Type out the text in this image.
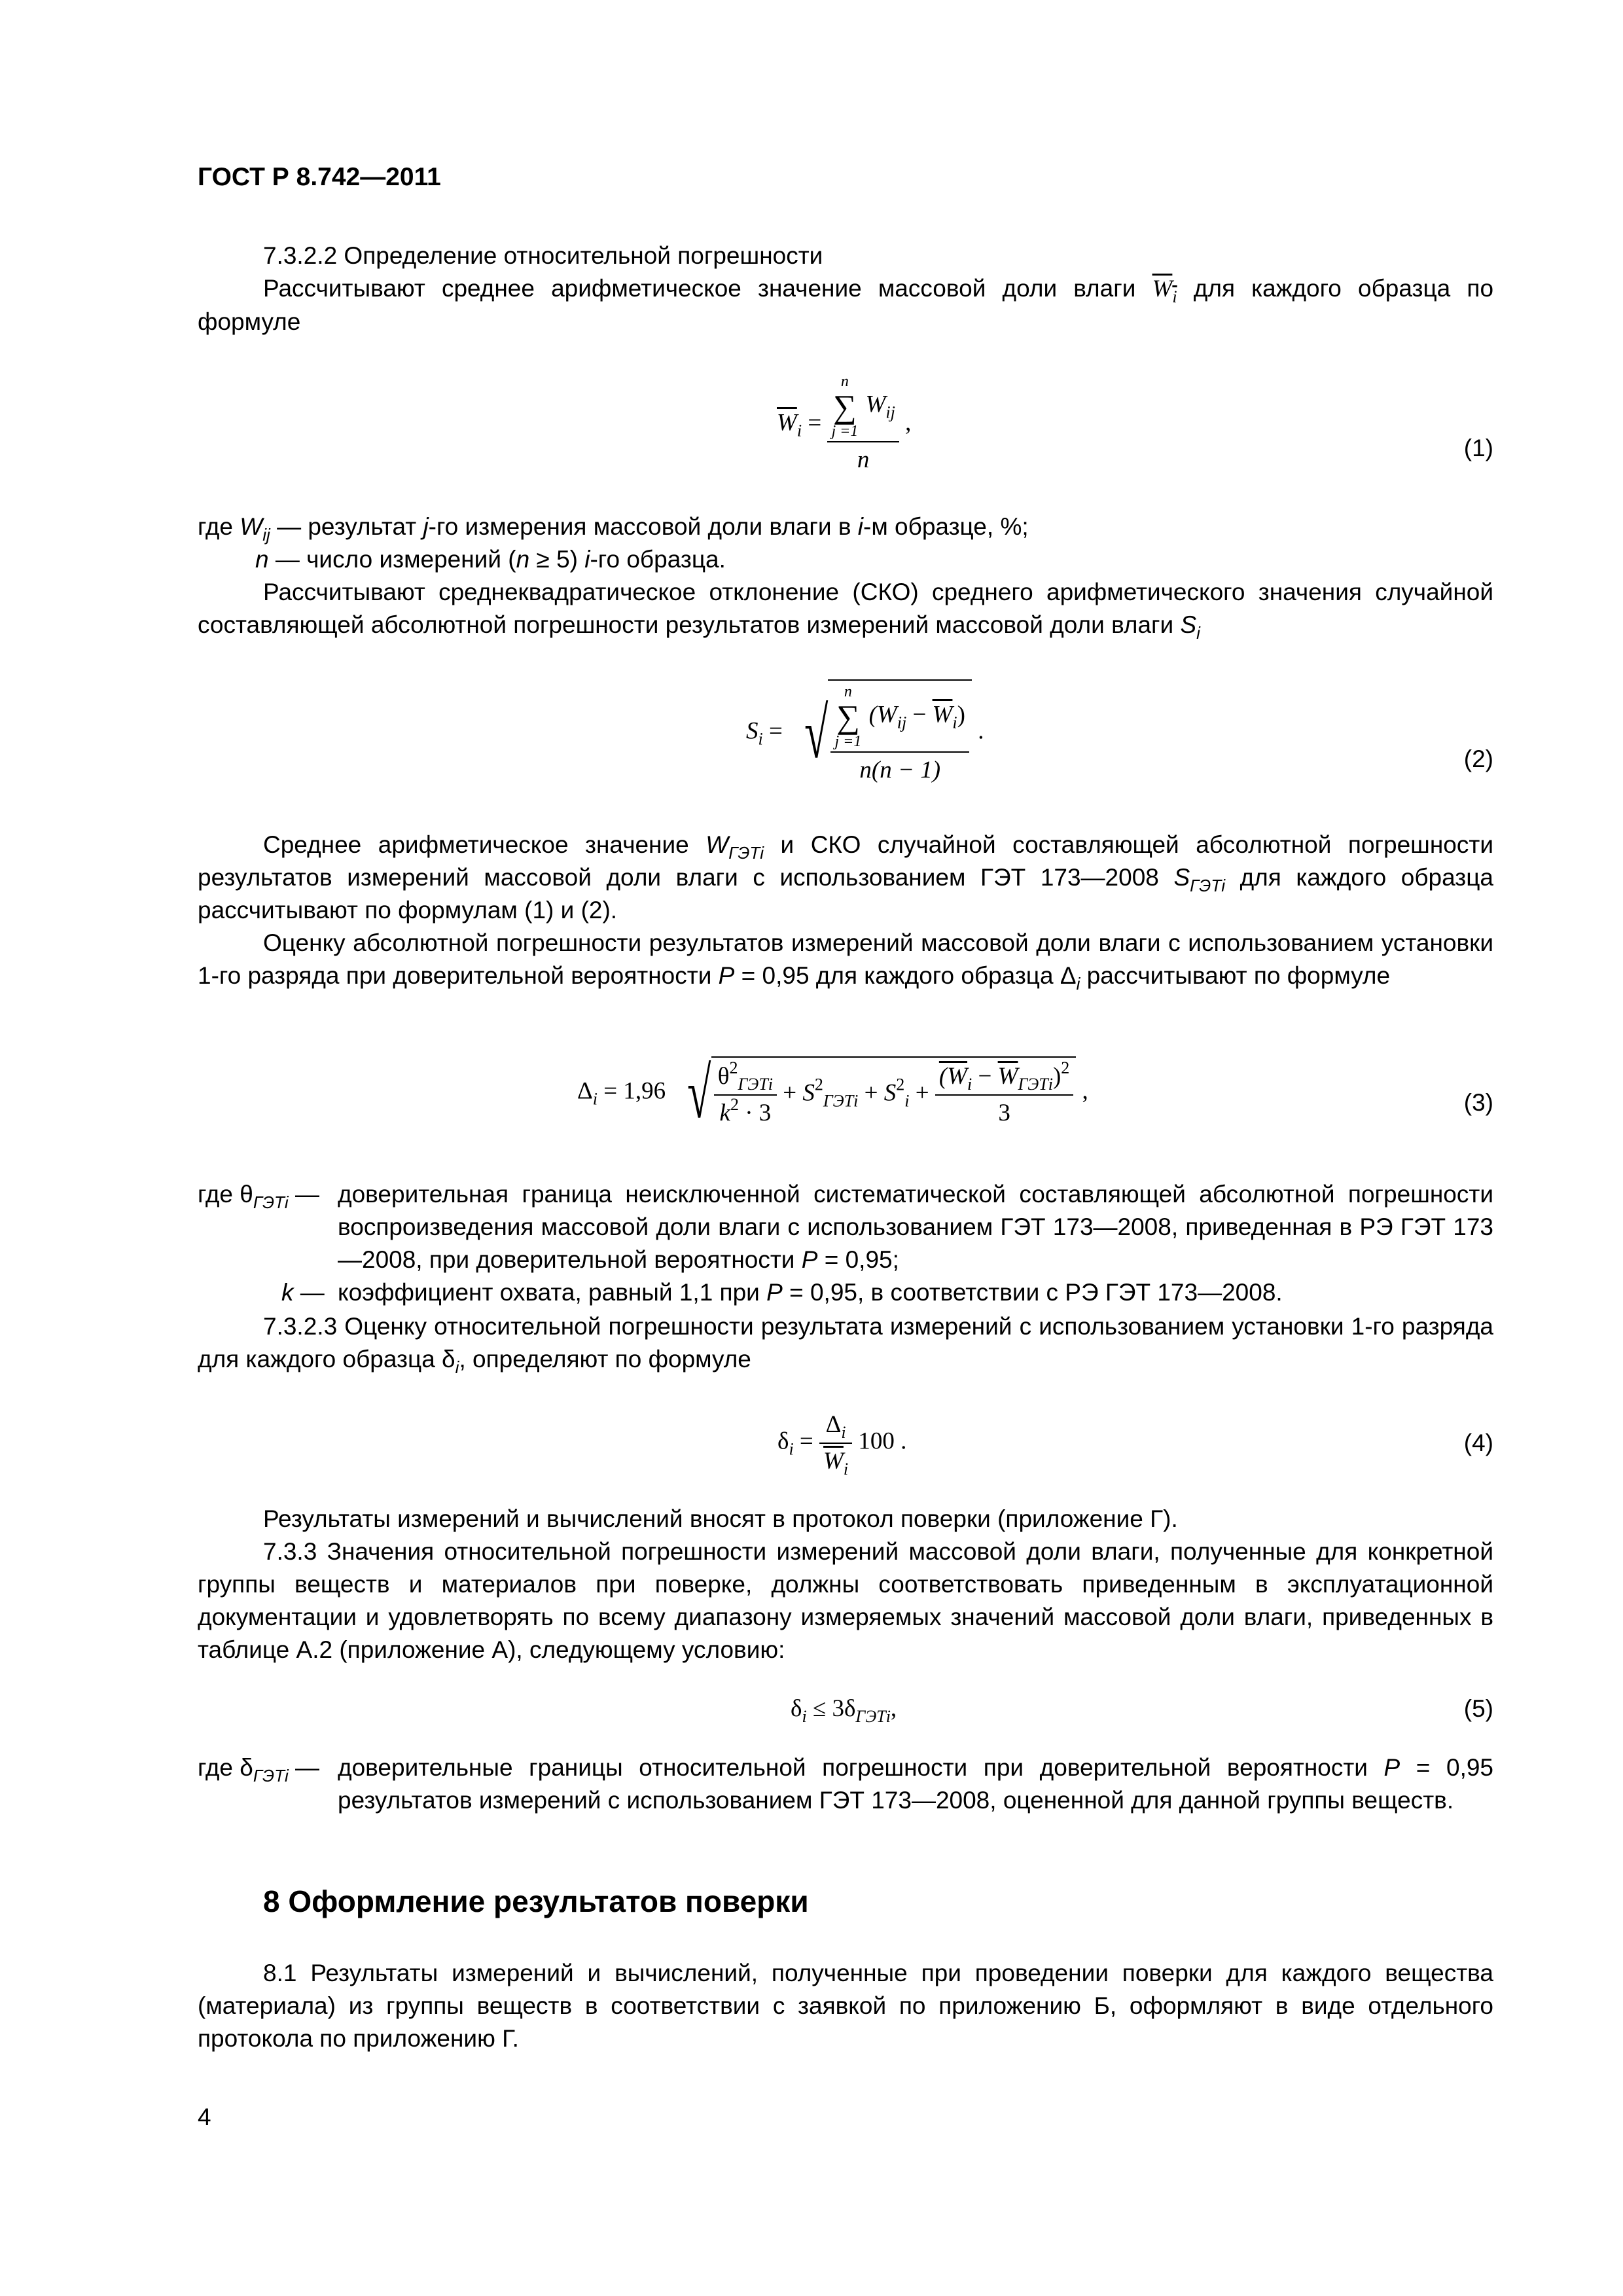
ГОСТ Р 8.742—2011

7.3.2.2 Определение относительной погрешности

Рассчитывают среднее арифметическое значение массовой доли влаги $W_i$ для каждого образца по формуле

$\overline{W}_i = n$
∑
j =1
$W_{ij}$
n ,
(1)

где $W_{ij}$ — результат j-го измерения массовой доли влаги в i-м образце, %;

n — число измерений (n ≥ 5) i-го образца.

Рассчитывают среднеквадратическое отклонение (СКО) среднего арифметического значения случайной составляющей абсолютной погрешности результатов измерений массовой доли влаги $S_i$

$S_i$ = √ n
∑
j =1
$(W_{ij} - \overline{W}_i)$
n(n − 1) .
(2)

Среднее арифметическое значение $W_{ГЭТi}$ и СКО случайной составляющей абсолютной погрешности результатов измерений массовой доли влаги с использованием ГЭТ 173—2008 $S_{ГЭТi}$ для каждого образца рассчитывают по формулам (1) и (2).

Оценку абсолютной погрешности результатов измерений массовой доли влаги с использованием установки 1-го разряда при доверительной вероятности P = 0,95 для каждого образца $\Delta_i$ рассчитывают по формуле

$\Delta_i = 1,96$ √ $\frac{\theta^2_{ГЭТi}}{k^2 \cdot 3} + S^2_{ГЭТi} + S^2_i + \frac{(W_i - \overline{W}_{ГЭТi})^2}{3}$ ,	(3)
где $\theta_{ГЭТi}$ — доверительная граница неисключенной систематической составляющей абсолютной погрешности воспроизведения массовой доли влаги с использованием ГЭТ 173—2008, приведенная в РЭ ГЭТ 173—2008, при доверительной вероятности P = 0,95;
k — коэффициент охвата, равный 1,1 при P = 0,95, в соответствии с РЭ ГЭТ 173—2008.

7.3.2.3 Оценку относительной погрешности результата измерений с использованием установки 1-го разряда для каждого образца $\delta_i$, определяют по формуле

$\delta_i = \frac{\Delta_i}{\overline{W}_i} 100$ .	(4)

Результаты измерений и вычислений вносят в протокол поверки (приложение Г).

7.3.3 Значения относительной погрешности измерений массовой доли влаги, полученные для конкретной группы веществ и материалов при поверке, должны соответствовать приведенным в эксплуатационной документации и удовлетворять по всему диапазону измеряемых значений массовой доли влаги, приведенных в таблице А.2 (приложение А), следующему условию:

$\delta_i \le 3\delta_{ГЭТi}$,	(5)
где $\delta_{ГЭТi}$ — доверительные границы относительной погрешности при доверительной вероятности P = 0,95 результатов измерений с использованием ГЭТ 173—2008, оцененной для данной группы веществ.
8 Оформление результатов поверки

8.1 Результаты измерений и вычислений, полученные при проведении поверки для каждого вещества (материала) из группы веществ в соответствии с заявкой по приложению Б, оформляют в виде отдельного протокола по приложению Г.

4
